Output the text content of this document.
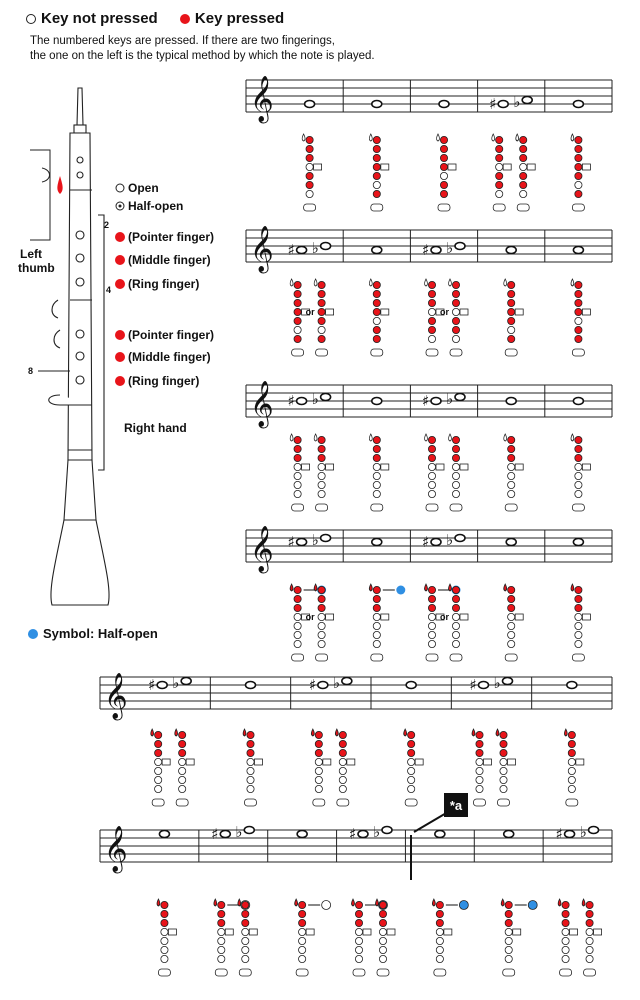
Key not pressed
Key pressed
The numbered keys are pressed. If there are two fingerings,
the one on the left is the typical method by which the note is played.
Left
thumb
Open
Half-open
2
(Pointer finger)
(Middle finger)
(Ring finger)
4
(Pointer finger)
(Middle finger)
8
(Ring finger)
Right hand
𝄞	♯ ♭
𝄞 ♯ ♭
or
♯ ♭
or
𝄞 ♯ ♭	♯ ♭
𝄞 ♯ ♭
or
♯ ♭
or
𝄞 ♯ ♭	♯ ♭	♯ ♭
𝄞	♯ ♭	♯ ♭	♯ ♭
Symbol: Half-open
*a
